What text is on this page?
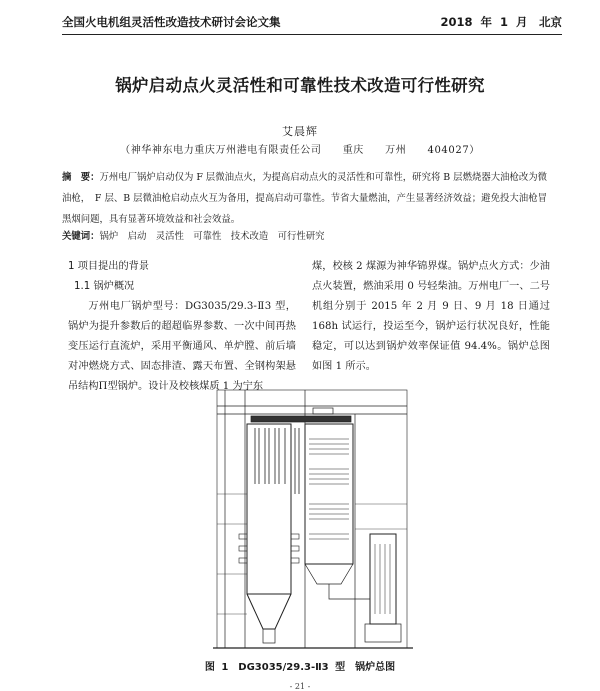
全国火电机组灵活性改造技术研讨会论文集	2018 年 1 月　北京
锅炉启动点火灵活性和可靠性技术改造可行性研究
艾晨辉
（神华神东电力重庆万州港电有限责任公司　　重庆　　万州　　404027）
摘　要：万州电厂锅炉启动仅为 F 层微油点火，为提高启动点火的灵活性和可靠性，研究将 B 层燃烧器大油枪改为微油枪，　F 层、B 层微油枪启动点火互为备用，提高启动可靠性。节省大量燃油，产生显著经济效益；避免投大油枪冒黑烟问题，具有显著环境效益和社会效益。
关键词：锅炉　启动　灵活性　可靠性　技术改造　可行性研究
1 项目提出的背景
1.1 锅炉概况
万州电厂锅炉型号：DG3035/29.3-Ⅱ3 型，锅炉为提升参数后的超超临界参数、一次中间再热变压运行直流炉，采用平衡通风、单炉膛、前后墙对冲燃烧方式、固态排渣、露天布置、全钢构架悬吊结构Π型锅炉。设计及校核煤质 1 为宁东
煤，校核 2 煤源为神华锦界煤。锅炉点火方式：少油点火装置，燃油采用 0 号轻柴油。万州电厂一、二号机组分别于 2015 年 2 月 9 日、9 月 18 日通过 168h 试运行，投运至今，锅炉运行状况良好，性能稳定，可以达到锅炉效率保证值 94.4%。锅炉总图如图 1 所示。
图 1　DG3035/29.3-Ⅱ3 型　锅炉总图
- 21 -
